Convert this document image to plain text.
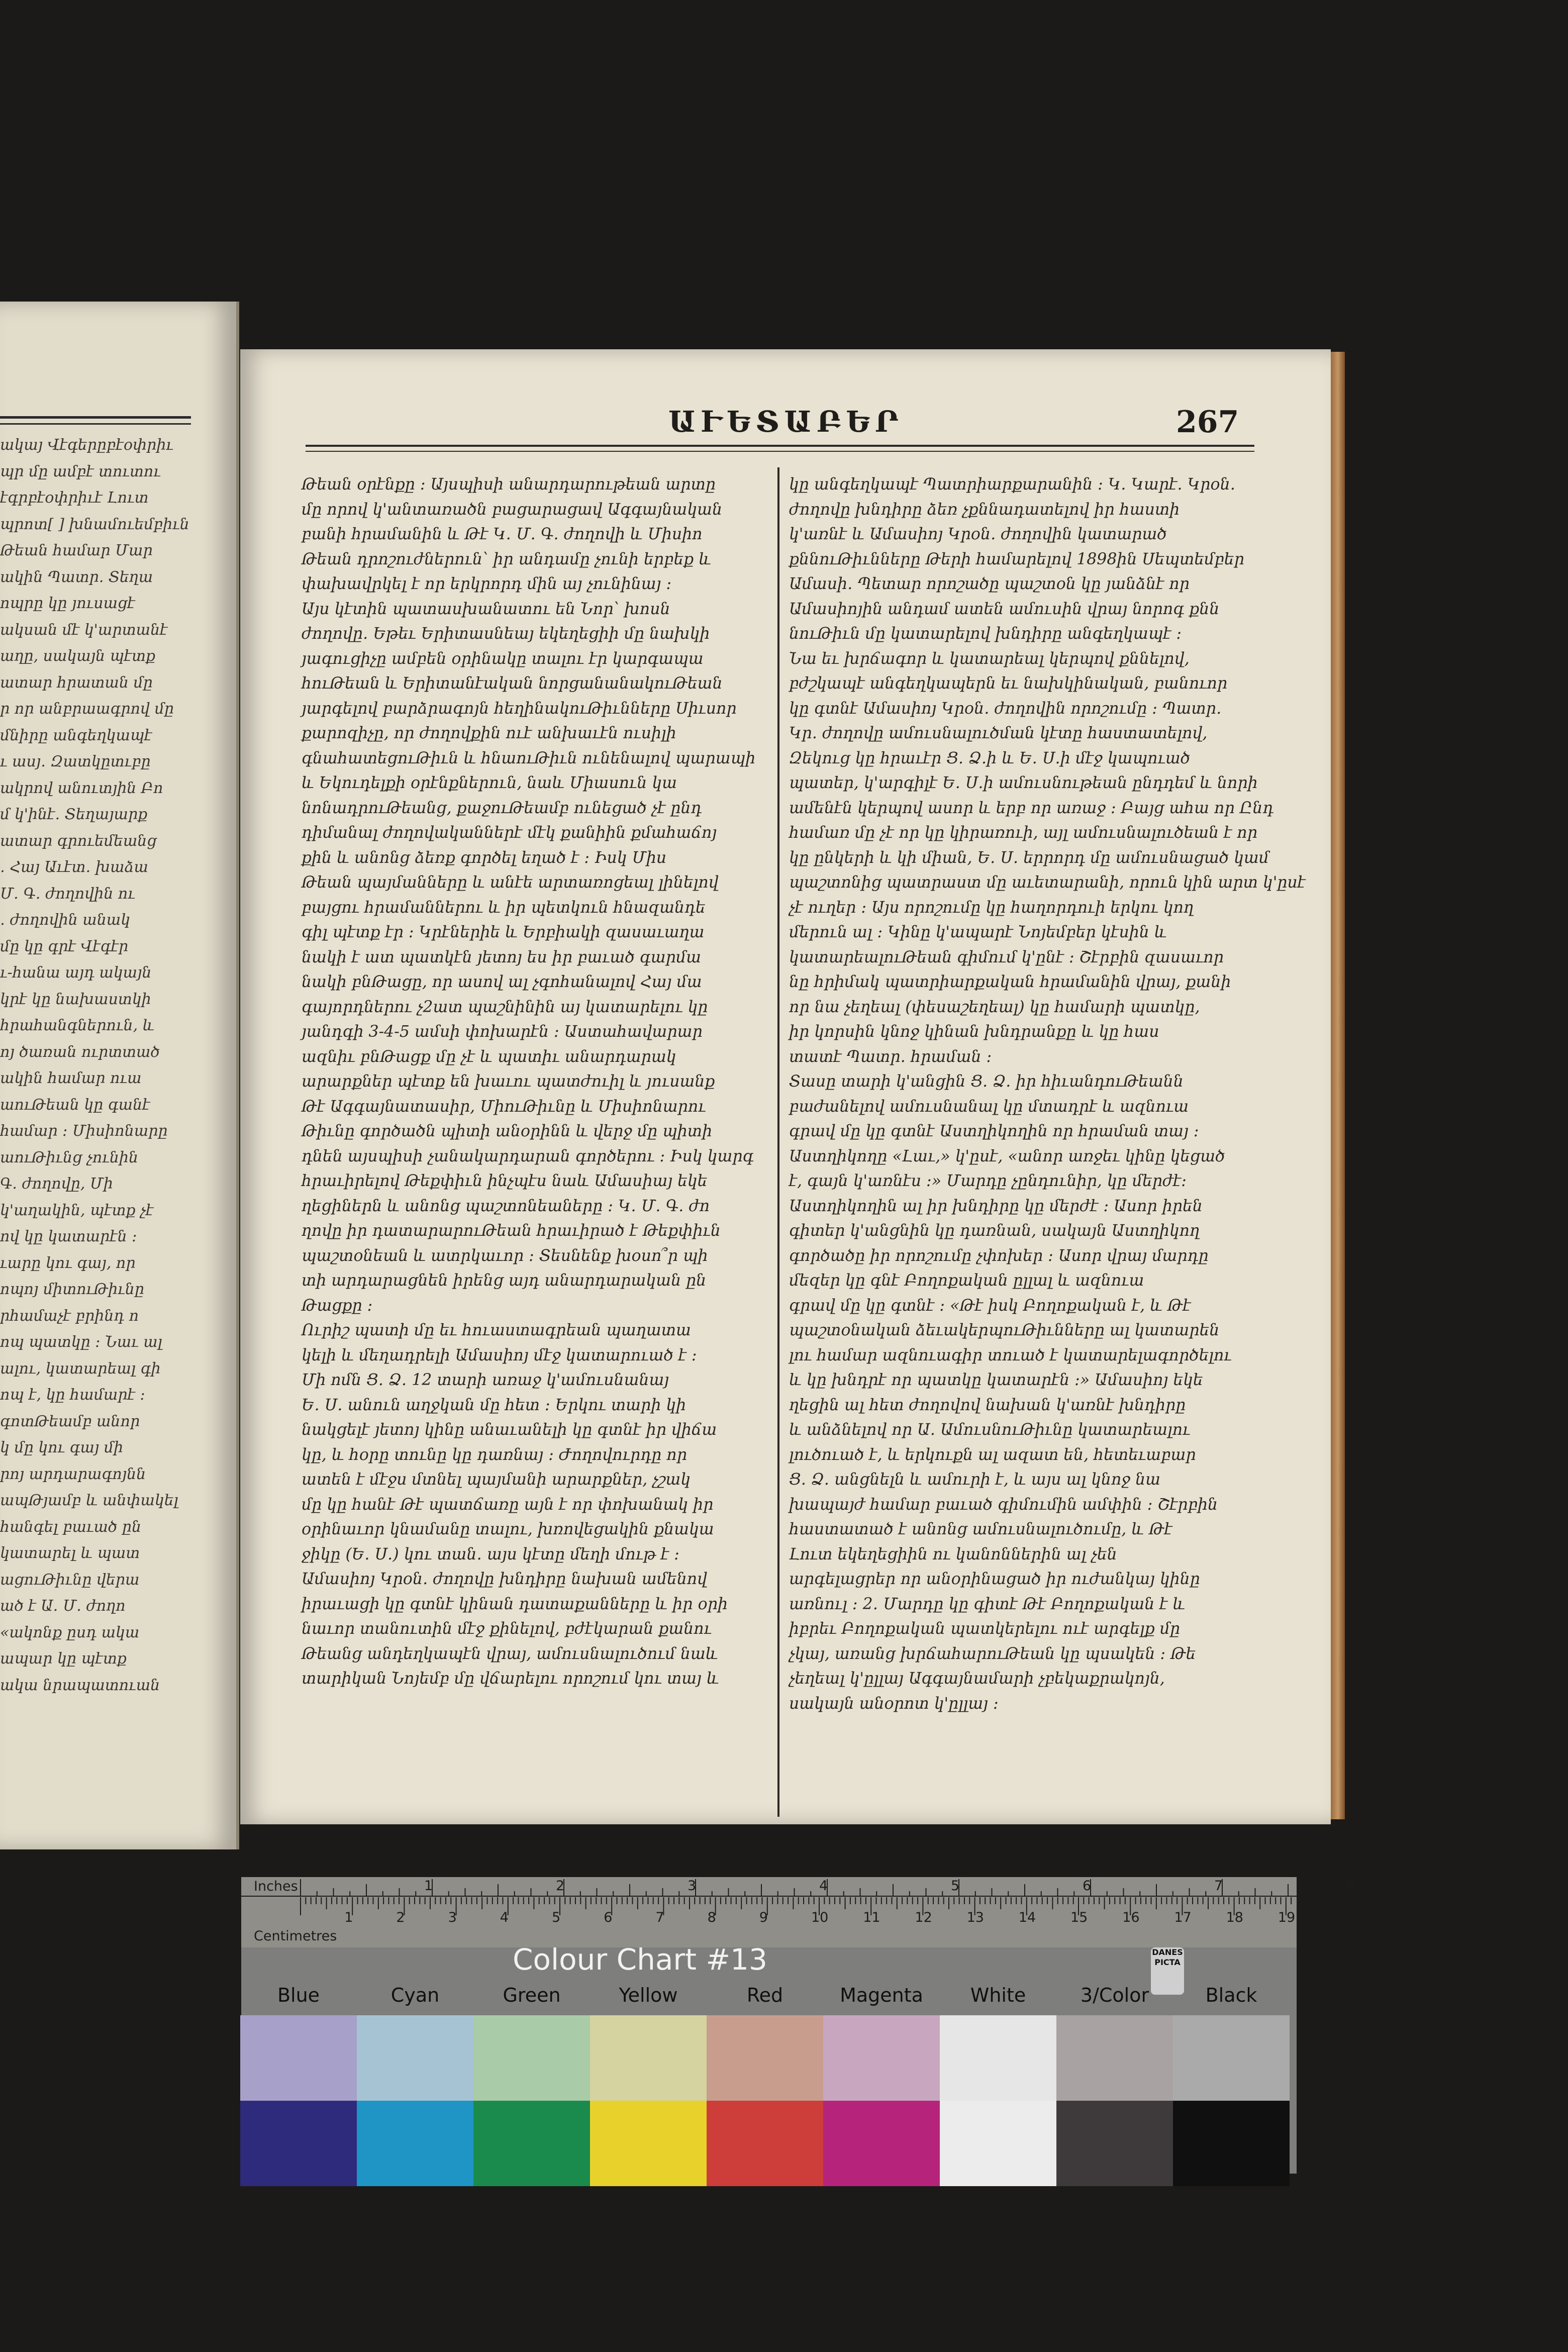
ակայ Վէգերըբէօփրիւ

պր մը ամբէ տուտու

էգրբէօփրիւէ Լուտ

պրոտ[ ] խնամուեմբիւն

Թեան համար Մար

ակին Պատր. Տեղա

ոպրը կը յուսացէ

ակսան մէ կ'արտանէ

աղը, սակայն պէտք

ատար հրատան մը

ր որ անբրաագրով մը

մնիրը անգեղկապէ

ւ ասյ․ Զատկըտւբը

ակրով անուտյին Բո

մ կ'ինէ․ Տեղայարք

ատար գրուեմեանց

․ Հայ Աւէտ․ խաձա

Մ․ Գ․ ժողովին ու

․ ժողովին անակ

մը կը գրէ Վէգէր

ւ-հանա այդ ակայն

կրէ կը նախաստկի

հրահանգներուն, և

ոյ ծառան ուրտտած

ակին համար ուա

աուԹեան կը գանէ

համար ։ Միսիոնարը

աուԹիւնց չունին

Գ․ ժողովը, Մի

կ'աղակին, պէտք չէ

ով կը կատարէն ։

ւարը կու գայ, որ

ոպոյ միտուԹիւնը

րհամաչէ բրինդ ո

ոպ պատկը ։ Նաւ ալ

ալու, կատարեալ գի

ոպ է, կը համարէ ։

գոտԹեամբ անոր

կ մը կու գայ մի

րոյ արդարագոյնն

ապԹյամբ և անփակել

հանգել բաւած ըն

կատարել և պատ

ացուԹիւնը վերա

ած է Ա․ Մ․ ժողո

«ակոնք ըսդ ակա

ապար կը պէտք

ակա նրապատուան

ԱՒԵՏԱԲԵՐ	267

Թեան օրէնքը ։ Այսպիսի անարդարութեան արտը

մը որով կ'անտառածն բացարացավ Ագգայնական

բանի հրամանին և Թէ Կ․ Մ․ Գ․ ժողովի և Միսիո

Թեան դրոշուժներուն՝ իր անդամը չունի երբեք և

փախավրկել է որ երկրորդ մին այ չունինայ ։

Այս կէտին պատասխանատու են Նոր՝ խոսն

ժողովը․ Եթեւ Երիտասնեայ եկեղեցիի մը նախկի

յագուցիչը ամբեն օրինակը տալու էր կարգապա

հուԹեան և Երիտանէական նորցանանակուԹեան

յարգելով բարձրագոյն հեղինակուԹիւնները Սիւսոր

քարոզիչը, որ ժողովքին ուէ անխաւէն ուսիլի

գնահատեցուԹիւն և հնաուԹիւն ունենալով պարապի

և Եկուդելքի օրէնքներուն, նաև Միասուն կա

նոնադրուԹեանց, քաջուԹեամբ ունեցած չէ ընդ

դիմանալ ժողովականներէ մէկ քանիին քմահաճոյ

քին և անոնց ձեռք գործել եղած է ։ Իսկ Միս

Թեան պայմանները և անէե արտառոցեալ լինելով

բայցու հրամաններու և իր պետկուն հնազանդե

գիլ պէտք էր ։ Կրէներիե և Երբիակի զասաւաղա

նակի է ատ պատկէն յետոյ ես իր բաւած գարմա

նակի բնԹացը, որ ասով ալ չգոհանալով Հայ մա

գայորդներու չ2ատ պաշնինին այ կատարելու կը

յանդգի 3-4-5 ամսի փոխարէն ։ Աստահավարար

ազնիւ բնԹացք մը չէ և պատիւ անարդարակ

արարքներ պէտք են խաւու պատժուիլ և յուսանք

Թէ Ագգայնատասիր, ՄիուԹիւնը և Միսիոնարու

Թիւնը գործածն պիտի անօրինն և վերջ մը պիտի

դնեն այսպիսի չանակարդարան գործերու ։ Իսկ կարգ

հրաւիրելով Թեքփիւն ինչպէս նաև Ամասիայ եկե

ղեցիներն և անոնց պաշտոնեաները ։ Կ․ Մ․ Գ․ ժո

ղովը իր դատարարուԹեան հրաւիրած է Թեքփիւն

պաշտօնեան և ատրկաւոր ։ Տեսնենք խօսո՞ր պի

տի արդարացնեն իրենց այդ անարդարական ըն

Թացքը ։

Ուրիշ պատի մը եւ հուաստագրեան պաղատա

կելի և մեղադրելի Ամասիոյ մէջ կատարուած է ։

Մի ոմն Ց․ Ձ․ 12 տարի առաջ կ'ամուսնանայ

Ե․ Ս․ անուն աղջկան մը հետ ։ Երկու տարի կի

նակցելէ յետոյ կինը անաւանելի կը գտնէ իր վիճա

կը, և հօրը տունը կը դառնայ ։ Ժողովուրդը որ

ատեն է մէջս մտնել պայմանի արարքներ, չշակ

մը կը հանէ Թէ պատճառը այն է որ փոխանակ իր

օրինաւոր կնամանը տալու, խռովեցակին քնակա

ջիկը (Ե․ Ս․) կու տան․ այս կէտը մեղի մութ է ։

Ամասիոյ Կրօն․ ժողովը խնդիրը նախան ամենով

իրաւացի կը գտնէ կինան դատաքանները և իր օրի

նաւոր տանուտին մէջ քինելով, բժէկարան քանու

Թեանց անդեղկապէն վրայ, ամուսնալուծում նաև

տարիկան Նոյեմբ մը վճարելու որոշում կու տայ և

կը անգեղկապէ Պատրիարքարանին ։ Կ․ Կարէ․ Կրօն․

ժողովը խնդիրը ձեռ չքննադատելով իր հաստի

կ'առնէ և Ամասիոյ Կրօն․ ժողովին կատարած

քննուԹիւնները Թերի համարելով 1898ին Սեպտեմբեր

Ամասի․ Պետար որոշածը պաշտօն կը յանձնէ որ

Ամասիոյին անդամ ատեն ամուսին վրայ նորոգ քնն

նուԹիւն մը կատարելով խնդիրը անգեղկապէ ։

Նա եւ խրճագոր և կատարեալ կերպով քննելով,

բժշկապէ անգեղկապերն եւ նախկինական, բանուոր

կը գտնէ Ամասիոյ Կրօն․ ժողովին որոշումը ։ Պատր․

Կր․ ժողովը ամուսնալուծման կէտը հաստատելով,

Զեկուց կը հրաւէր Ց․ Ձ․ի և Ե․ Ս․ի մէջ կապուած

պատեր, կ'արգիլէ Ե․ Ս․ի ամուսնութեան ընդդեմ և նորի

ամենէն կերպով ասոր և երբ որ առաջ ։ Բայց ահա որ Ընդ

համառ մը չէ որ կը կիրառուի, այլ ամուսնալուծեան է որ

կը ընկերի և կի միան, Ե․ Ս․ երրորդ մը ամուսնացած կամ

պաշտոնից պատրաստ մը աւետարանի, որուն կին արտ կ'ըսէ

չէ ուղեր ։ Այս որոշումը կը հաղորդուի երկու կող

մերուն ալ ։ Կինը կ'ապարէ Նոյեմբեր կէսին և

կատարեալուԹեան գիմում կ'ընէ ։ Շէրբին զասաւոր

նը հրիմակ պատրիարքական հրամանին վրայ, քանի

որ նա չեղեալ (փեսաշեղեալ) կը համարի պատկը,

իր կորսին կնոջ կինան խնդրանքը և կը հաս

տատէ Պատր․ հրաման ։

Տասը տարի կ'անցին Ց․ Ձ․ իր հիւանդուԹեանն

բաժանելով ամուսնանալ կը մտադրէ և ազնուա

գրավ մը կը գտնէ Աստղիկողին որ հրաման տայ ։

Աստղիկողը «Լաւ,» կ'ըսէ, «անոր առջեւ կինը կեցած

է, գայն կ'առնէս ։» Մարդը չընդունիր, կը մերժէ։

Աստղիկողին ալ իր խնդիրը կը մերժէ ։ Ասոր իրեն

գիտեր կ'անցնին կը դառնան, սակայն Աստղիկող

գործածը իր որոշումը չփոխեր ։ Ասոր վրայ մարդը

մեզեր կը գնէ Բողոքական ըլլալ և ազնուա

գրավ մը կը գտնէ ։ «Թէ իսկ Բողոքական է, և Թէ

պաշտօնական ձեւակերպուԹիւնները ալ կատարեն

լու համար ազնուագիր տուած է կատարելագործելու

և կը խնդրէ որ պատկը կատարէն ։» Ամասիոյ եկե

ղեցին ալ հետ ժողովով նախան կ'առնէ խնդիրը

և անձնելով որ Ա․ ԱմուսնուԹիւնը կատարեալու

լուծուած է, և երկուքն ալ ազատ են, հետեւաբար

Ց․ Ձ․ անցնելն և ամուրի է, և այս ալ կնոջ նա

խապայժ համար բաւած գիմումին ամփին ։ Շէրբին

հաստատած է անոնց ամուսնալուծումը, և Թէ

Լուտ եկեղեցիին ու կանոններին ալ չեն

արգելացրեր որ անօրինացած իր ուժանկայ կինը

առնուլ ։ 2․ Մարդը կը գիտէ Թէ Բողոքական է և

իբրեւ Բողոքական պատկերելու ուէ արգելք մը

չկայ, առանց խրճահարուԹեան կը պսակեն ։ Թե

չեղեալ կ'ըլլայ Ագգայնամարի չբեկաքրակոյն,

սակայն անօրոտ կ'ըլլայ ։

Inches
Centimetres
1	2	3	4	5	6	7	8
1	2	3	4	5	6	7	8	9	10	11	12	13	14	15	16	17	18	19
Colour Chart #13	DANES PICTA
Blue	Cyan	Green	Yellow	Red	Magenta	White	3/Color	Black
